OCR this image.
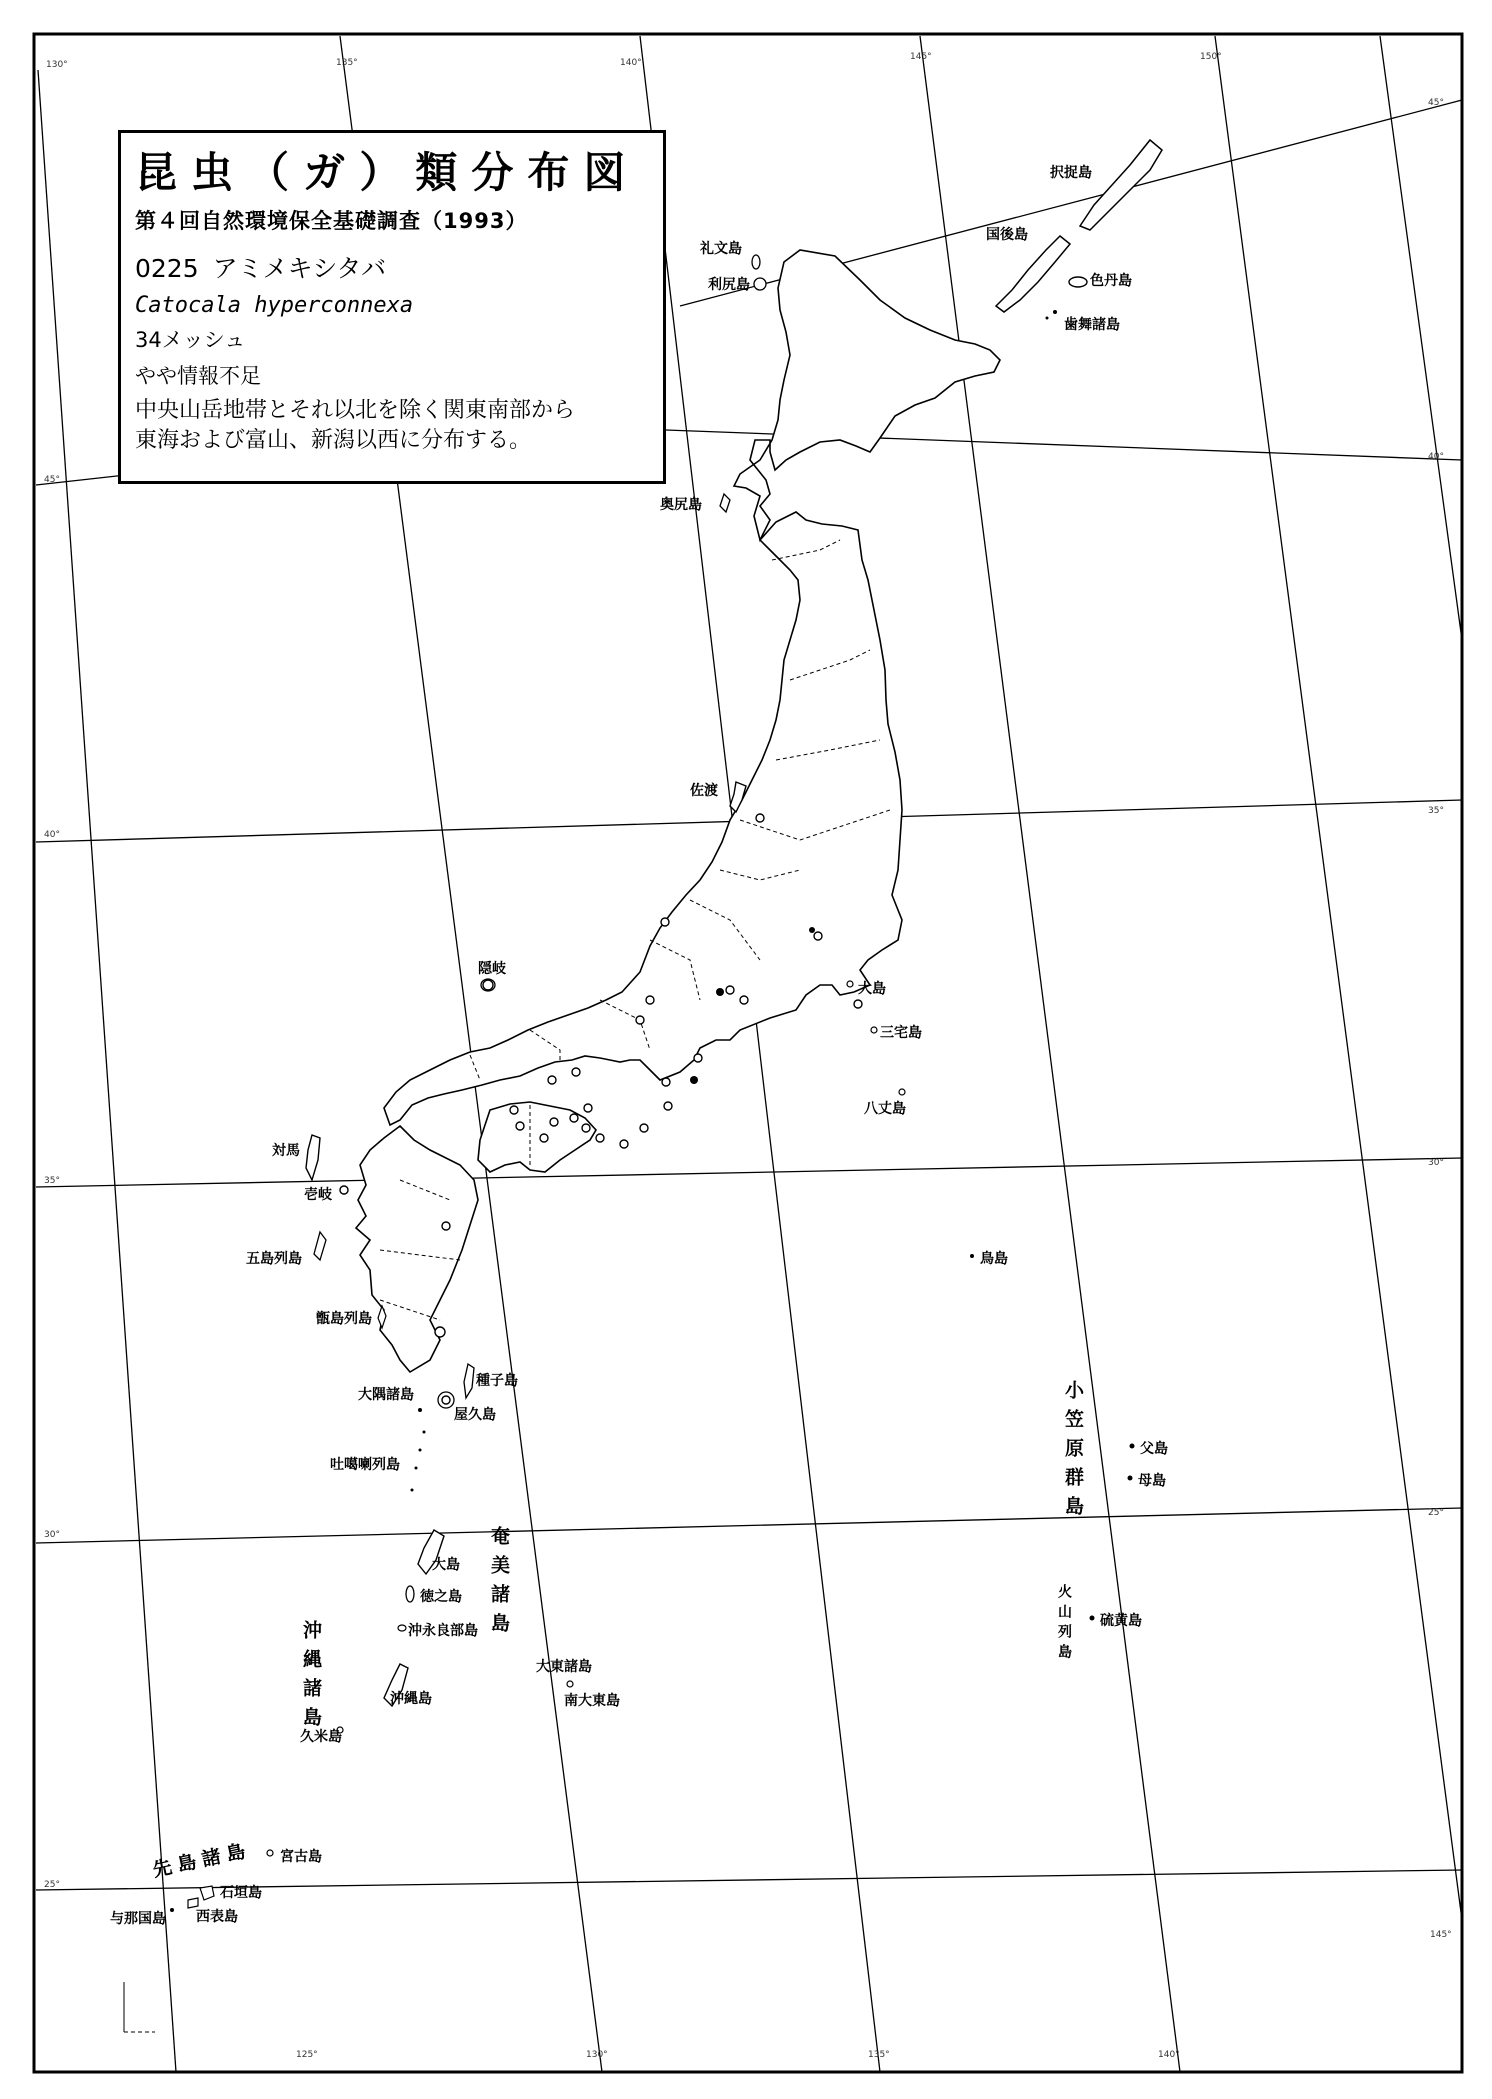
130°	135°	140°
145°	150°
45°
40°
35°
30°
25°
145°
45°
40°
35°
30°
25°
125°	130°	135°	140°
昆虫（ガ）類分布図
第４回自然環境保全基礎調査（1993）
0225 アミメキシタバ
Catocala hyperconnexa
34メッシュ
やや情報不足
中央山岳地帯とそれ以北を除く関東南部から
東海および富山、新潟以西に分布する。
択捉島
国後島
色丹島
歯舞諸島
礼文島
利尻島
奥尻島
佐渡
隠岐
対馬
壱岐
五島列島
甑島列島
種子島
大隅諸島
屋久島
吐噶喇列島
大島
徳之島
沖永良部島
沖縄島
久米島
大東諸島
南大東島
宮古島
石垣島
西表島
与那国島
大島
三宅島
八丈島
鳥島
父島
母島
硫黄島
奄美諸島
沖縄諸島
小笠原群島
火山列島
先島諸島
